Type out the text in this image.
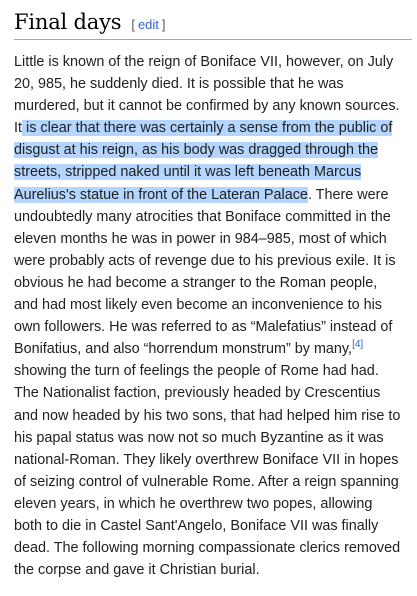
Final days [ edit ]

Little is known of the reign of Boniface VII, however, on July 20, 985, he suddenly died. It is possible that he was murdered, but it cannot be confirmed by any known sources. It is clear that there was certainly a sense from the public of disgust at his reign, as his body was dragged through the streets, stripped naked until it was left beneath Marcus Aurelius's statue in front of the Lateran Palace. There were undoubtedly many atrocities that Boniface committed in the eleven months he was in power in 984–985, most of which were probably acts of revenge due to his previous exile. It is obvious he had become a stranger to the Roman people, and had most likely even become an inconvenience to his own followers. He was referred to as “Malefatius” instead of Bonifatius, and also “horrendum monstrum” by many,[4] showing the turn of feelings the people of Rome had had. The Nationalist faction, previously headed by Crescentius and now headed by his two sons, that had helped him rise to his papal status was now not so much Byzantine as it was national-Roman. They likely overthrew Boniface VII in hopes of seizing control of vulnerable Rome. After a reign spanning eleven years, in which he overthrew two popes, allowing both to die in Castel Sant'Angelo, Boniface VII was finally dead. The following morning compassionate clerics removed the corpse and gave it Christian burial.
